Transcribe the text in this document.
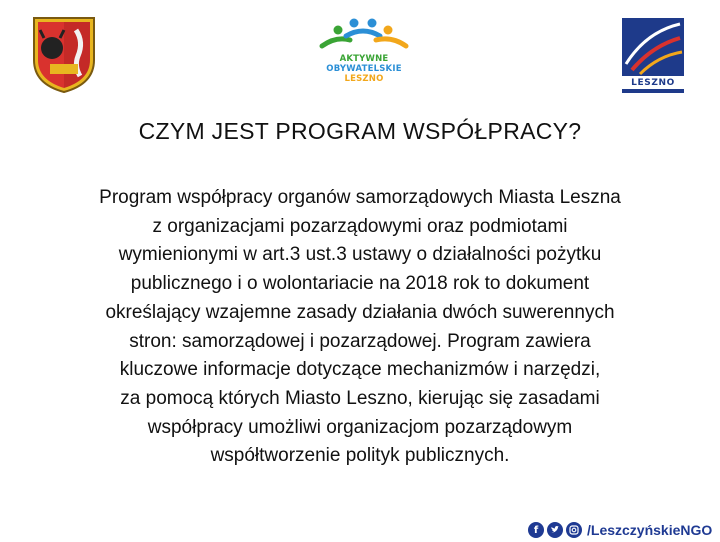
AKTYWNE
OBYWATELSKIE
LESZNO	LESZNO
CZYM JEST PROGRAM WSPÓŁPRACY?
Program współpracy organów samorządowych Miasta Leszna
z organizacjami pozarządowymi oraz podmiotami
wymienionymi w art.3 ust.3 ustawy o działalności pożytku
publicznego i o wolontariacie na 2018 rok to dokument
określający wzajemne zasady działania dwóch suwerennych
stron: samorządowej i pozarządowej. Program zawiera
kluczowe informacje dotyczące mechanizmów i narzędzi,
za pomocą których Miasto Leszno, kierując się zasadami
współpracy umożliwi organizacjom pozarządowym
współtworzenie polityk publicznych.
f	/LeszczyńskieNGO
